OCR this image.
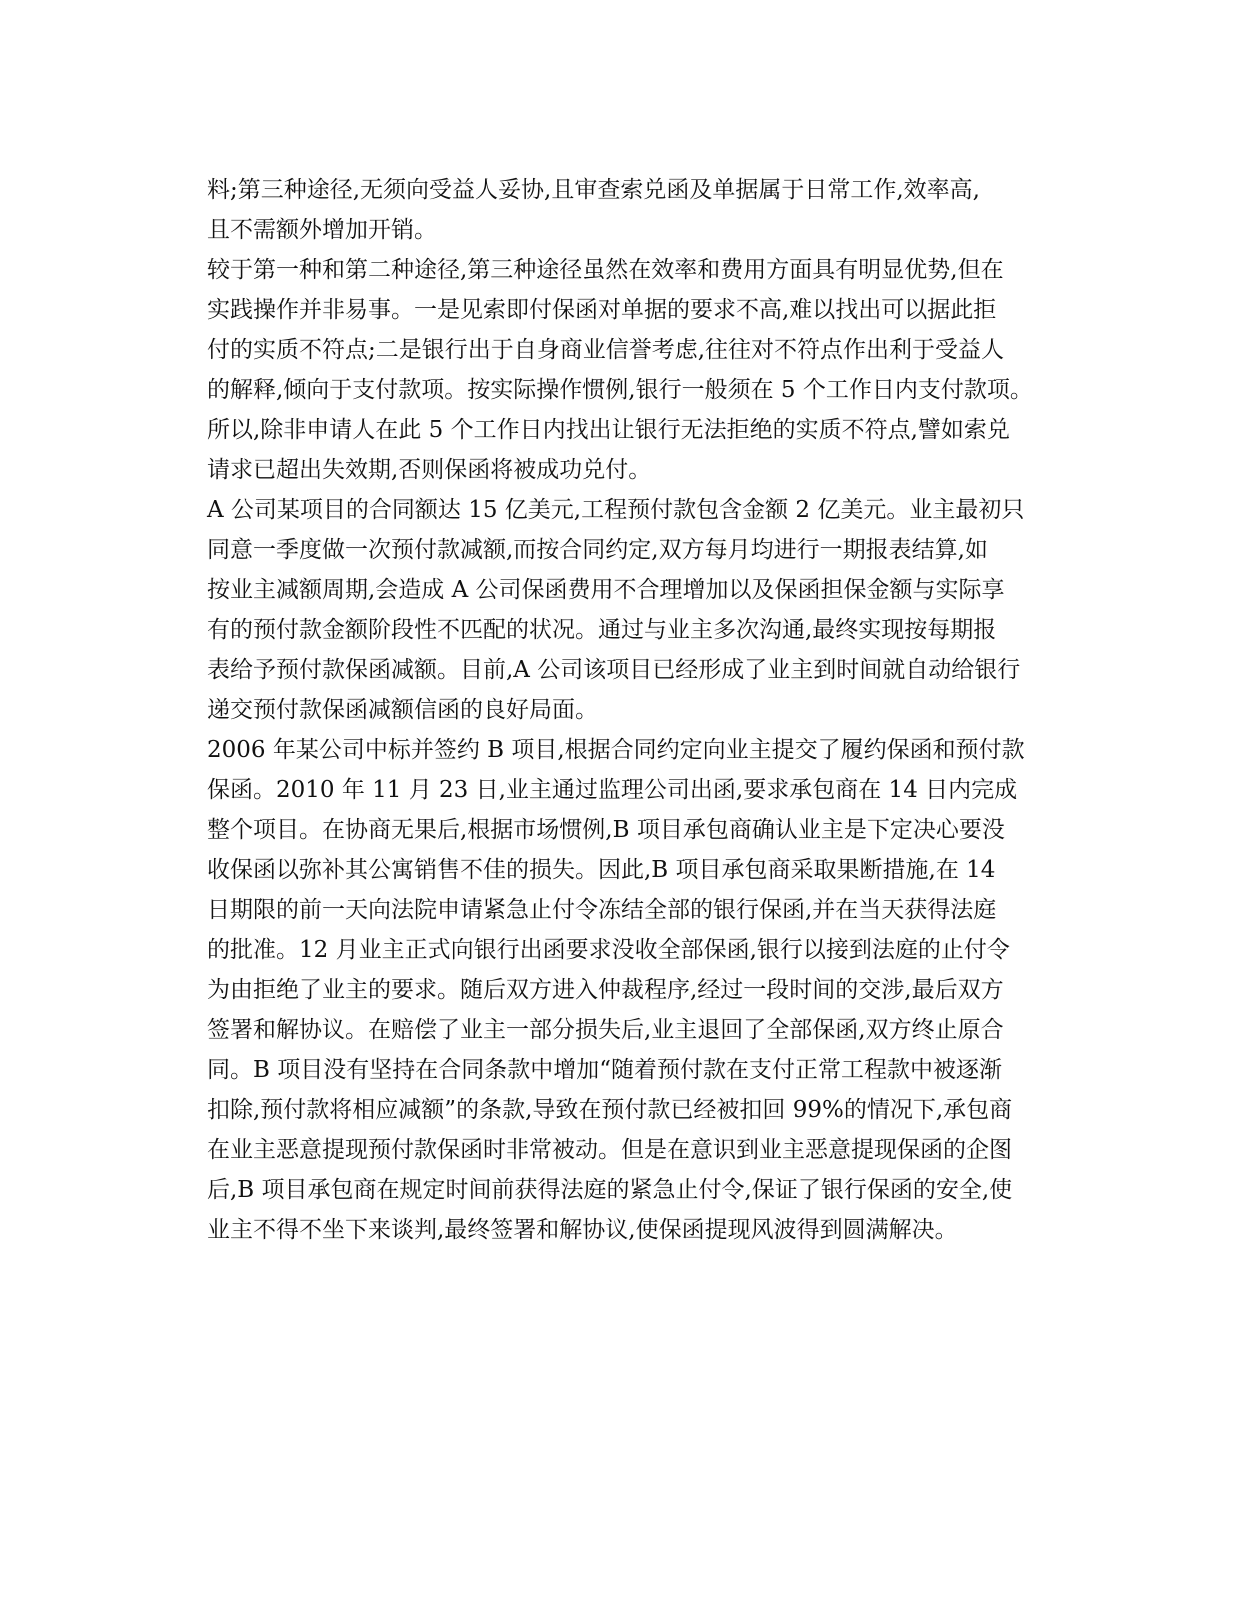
料;第三种途径,无须向受益人妥协,且审查索兑函及单据属于日常工作,效率高,
且不需额外增加开销。
较于第一种和第二种途径,第三种途径虽然在效率和费用方面具有明显优势,但在
实践操作并非易事。一是见索即付保函对单据的要求不高,难以找出可以据此拒
付的实质不符点;二是银行出于自身商业信誉考虑,往往对不符点作出利于受益人
的解释,倾向于支付款项。按实际操作惯例,银行一般须在 5 个工作日内支付款项。
所以,除非申请人在此 5 个工作日内找出让银行无法拒绝的实质不符点,譬如索兑
请求已超出失效期,否则保函将被成功兑付。
A 公司某项目的合同额达 15 亿美元,工程预付款包含金额 2 亿美元。业主最初只
同意一季度做一次预付款减额,而按合同约定,双方每月均进行一期报表结算,如
按业主减额周期,会造成 A 公司保函费用不合理增加以及保函担保金额与实际享
有的预付款金额阶段性不匹配的状况。通过与业主多次沟通,最终实现按每期报
表给予预付款保函减额。目前,A 公司该项目已经形成了业主到时间就自动给银行
递交预付款保函减额信函的良好局面。
2006 年某公司中标并签约 B 项目,根据合同约定向业主提交了履约保函和预付款
保函。2010 年 11 月 23 日,业主通过监理公司出函,要求承包商在 14 日内完成
整个项目。在协商无果后,根据市场惯例,B 项目承包商确认业主是下定决心要没
收保函以弥补其公寓销售不佳的损失。因此,B 项目承包商采取果断措施,在 14
日期限的前一天向法院申请紧急止付令冻结全部的银行保函,并在当天获得法庭
的批准。12 月业主正式向银行出函要求没收全部保函,银行以接到法庭的止付令
为由拒绝了业主的要求。随后双方进入仲裁程序,经过一段时间的交涉,最后双方
签署和解协议。在赔偿了业主一部分损失后,业主退回了全部保函,双方终止原合
同。B 项目没有坚持在合同条款中增加“随着预付款在支付正常工程款中被逐渐
扣除,预付款将相应减额”的条款,导致在预付款已经被扣回 99%的情况下,承包商
在业主恶意提现预付款保函时非常被动。但是在意识到业主恶意提现保函的企图
后,B 项目承包商在规定时间前获得法庭的紧急止付令,保证了银行保函的安全,使
业主不得不坐下来谈判,最终签署和解协议,使保函提现风波得到圆满解决。
